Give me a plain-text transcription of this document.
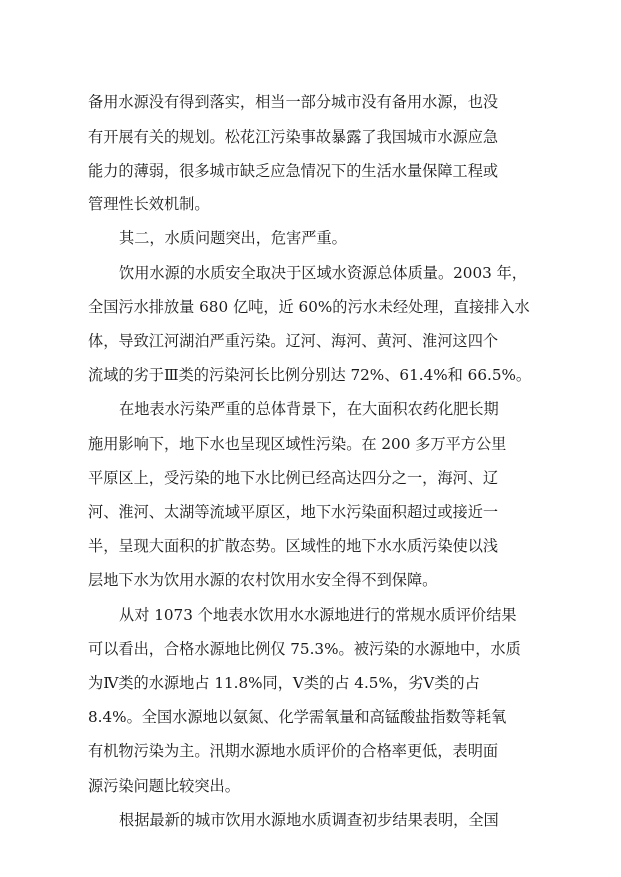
备用水源没有得到落实，相当一部分城市没有备用水源，也没
有开展有关的规划。松花江污染事故暴露了我国城市水源应急
能力的薄弱，很多城市缺乏应急情况下的生活水量保障工程或
管理性长效机制。
其二，水质问题突出，危害严重。
饮用水源的水质安全取决于区域水资源总体质量。2003 年，
全国污水排放量 680 亿吨，近 60%的污水未经处理，直接排入水
体，导致江河湖泊严重污染。辽河、海河、黄河、淮河这四个
流域的劣于Ⅲ类的污染河长比例分别达 72%、61.4%和 66.5%。
在地表水污染严重的总体背景下，在大面积农药化肥长期
施用影响下，地下水也呈现区域性污染。在 200 多万平方公里
平原区上，受污染的地下水比例已经高达四分之一，海河、辽
河、淮河、太湖等流域平原区，地下水污染面积超过或接近一
半，呈现大面积的扩散态势。区域性的地下水水质污染使以浅
层地下水为饮用水源的农村饮用水安全得不到保障。
从对 1073 个地表水饮用水水源地进行的常规水质评价结果
可以看出，合格水源地比例仅 75.3%。被污染的水源地中，水质
为Ⅳ类的水源地占 11.8%同，Ⅴ类的占 4.5%，劣Ⅴ类的占
8.4%。全国水源地以氨氮、化学需氧量和高锰酸盐指数等耗氧
有机物污染为主。汛期水源地水质评价的合格率更低，表明面
源污染问题比较突出。
根据最新的城市饮用水源地水质调查初步结果表明，全国
